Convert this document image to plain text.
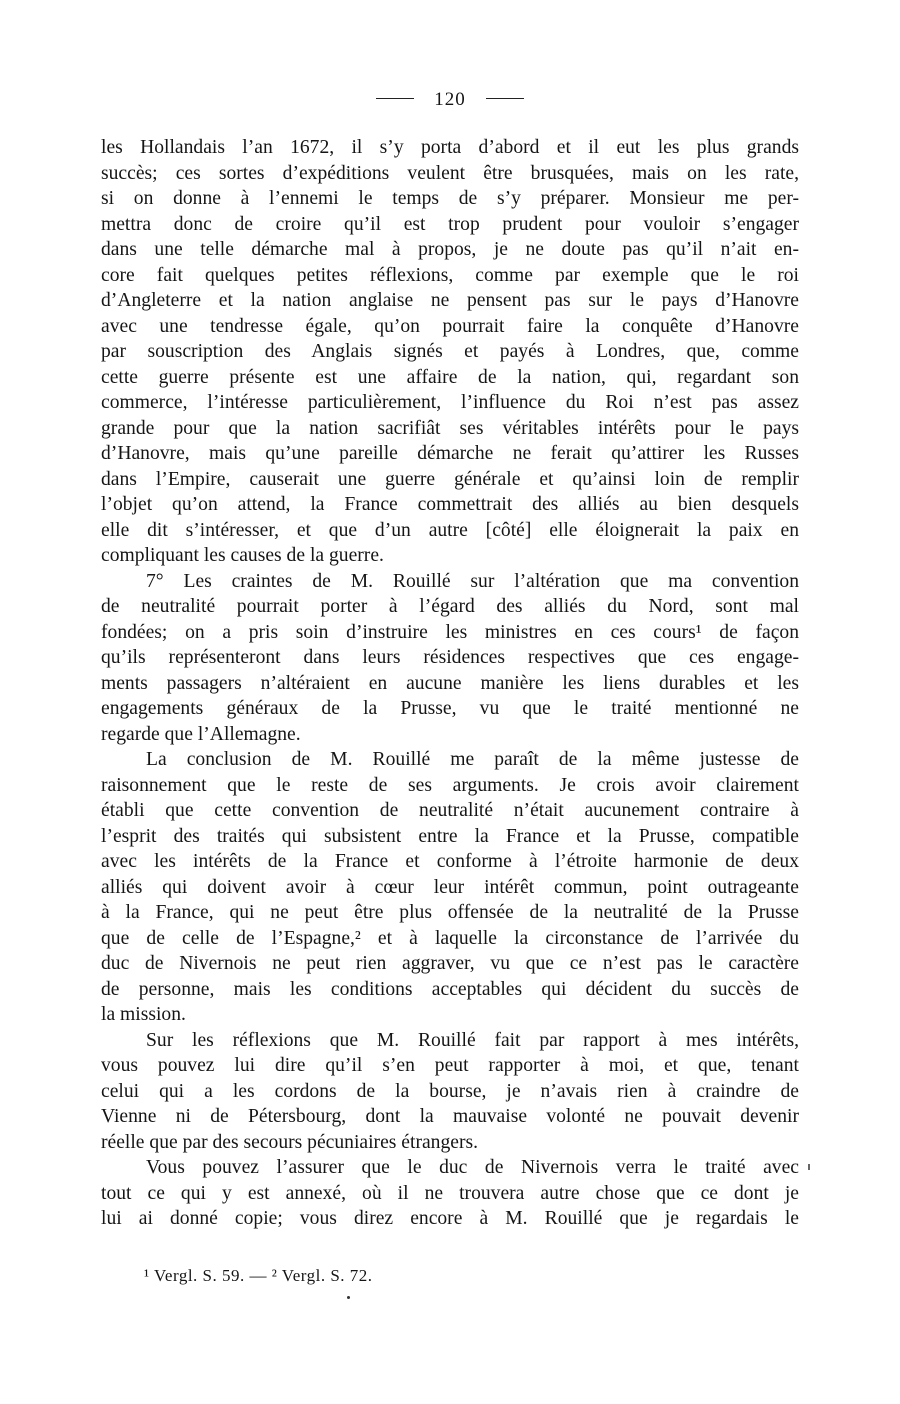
120
les Hollandais l’an 1672, il s’y porta d’abord et il eut les plus grands
succès; ces sortes d’expéditions veulent être brusquées, mais on les rate,
si on donne à l’ennemi le temps de s’y préparer. Monsieur me per-
mettra donc de croire qu’il est trop prudent pour vouloir s’engager
dans une telle démarche mal à propos, je ne doute pas qu’il n’ait en-
core fait quelques petites réflexions, comme par exemple que le roi
d’Angleterre et la nation anglaise ne pensent pas sur le pays d’Hanovre
avec une tendresse égale, qu’on pourrait faire la conquête d’Hanovre
par souscription des Anglais signés et payés à Londres, que, comme
cette guerre présente est une affaire de la nation, qui, regardant son
commerce, l’intéresse particulièrement, l’influence du Roi n’est pas assez
grande pour que la nation sacrifiât ses véritables intérêts pour le pays
d’Hanovre, mais qu’une pareille démarche ne ferait qu’attirer les Russes
dans l’Empire, causerait une guerre générale et qu’ainsi loin de remplir
l’objet qu’on attend, la France commettrait des alliés au bien desquels
elle dit s’intéresser, et que d’un autre [côté] elle éloignerait la paix en
compliquant les causes de la guerre.
7° Les craintes de M. Rouillé sur l’altération que ma convention
de neutralité pourrait porter à l’égard des alliés du Nord, sont mal
fondées; on a pris soin d’instruire les ministres en ces cours¹ de façon
qu’ils représenteront dans leurs résidences respectives que ces engage-
ments passagers n’altéraient en aucune manière les liens durables et les
engagements généraux de la Prusse, vu que le traité mentionné ne
regarde que l’Allemagne.
La conclusion de M. Rouillé me paraît de la même justesse de
raisonnement que le reste de ses arguments. Je crois avoir clairement
établi que cette convention de neutralité n’était aucunement contraire à
l’esprit des traités qui subsistent entre la France et la Prusse, compatible
avec les intérêts de la France et conforme à l’étroite harmonie de deux
alliés qui doivent avoir à cœur leur intérêt commun, point outrageante
à la France, qui ne peut être plus offensée de la neutralité de la Prusse
que de celle de l’Espagne,² et à laquelle la circonstance de l’arrivée du
duc de Nivernois ne peut rien aggraver, vu que ce n’est pas le caractère
de personne, mais les conditions acceptables qui décident du succès de
la mission.
Sur les réflexions que M. Rouillé fait par rapport à mes intérêts,
vous pouvez lui dire qu’il s’en peut rapporter à moi, et que, tenant
celui qui a les cordons de la bourse, je n’avais rien à craindre de
Vienne ni de Pétersbourg, dont la mauvaise volonté ne pouvait devenir
réelle que par des secours pécuniaires étrangers.
Vous pouvez l’assurer que le duc de Nivernois verra le traité avec
tout ce qui y est annexé, où il ne trouvera autre chose que ce dont je
lui ai donné copie; vous direz encore à M. Rouillé que je regardais le
¹ Vergl. S. 59. — ² Vergl. S. 72.
